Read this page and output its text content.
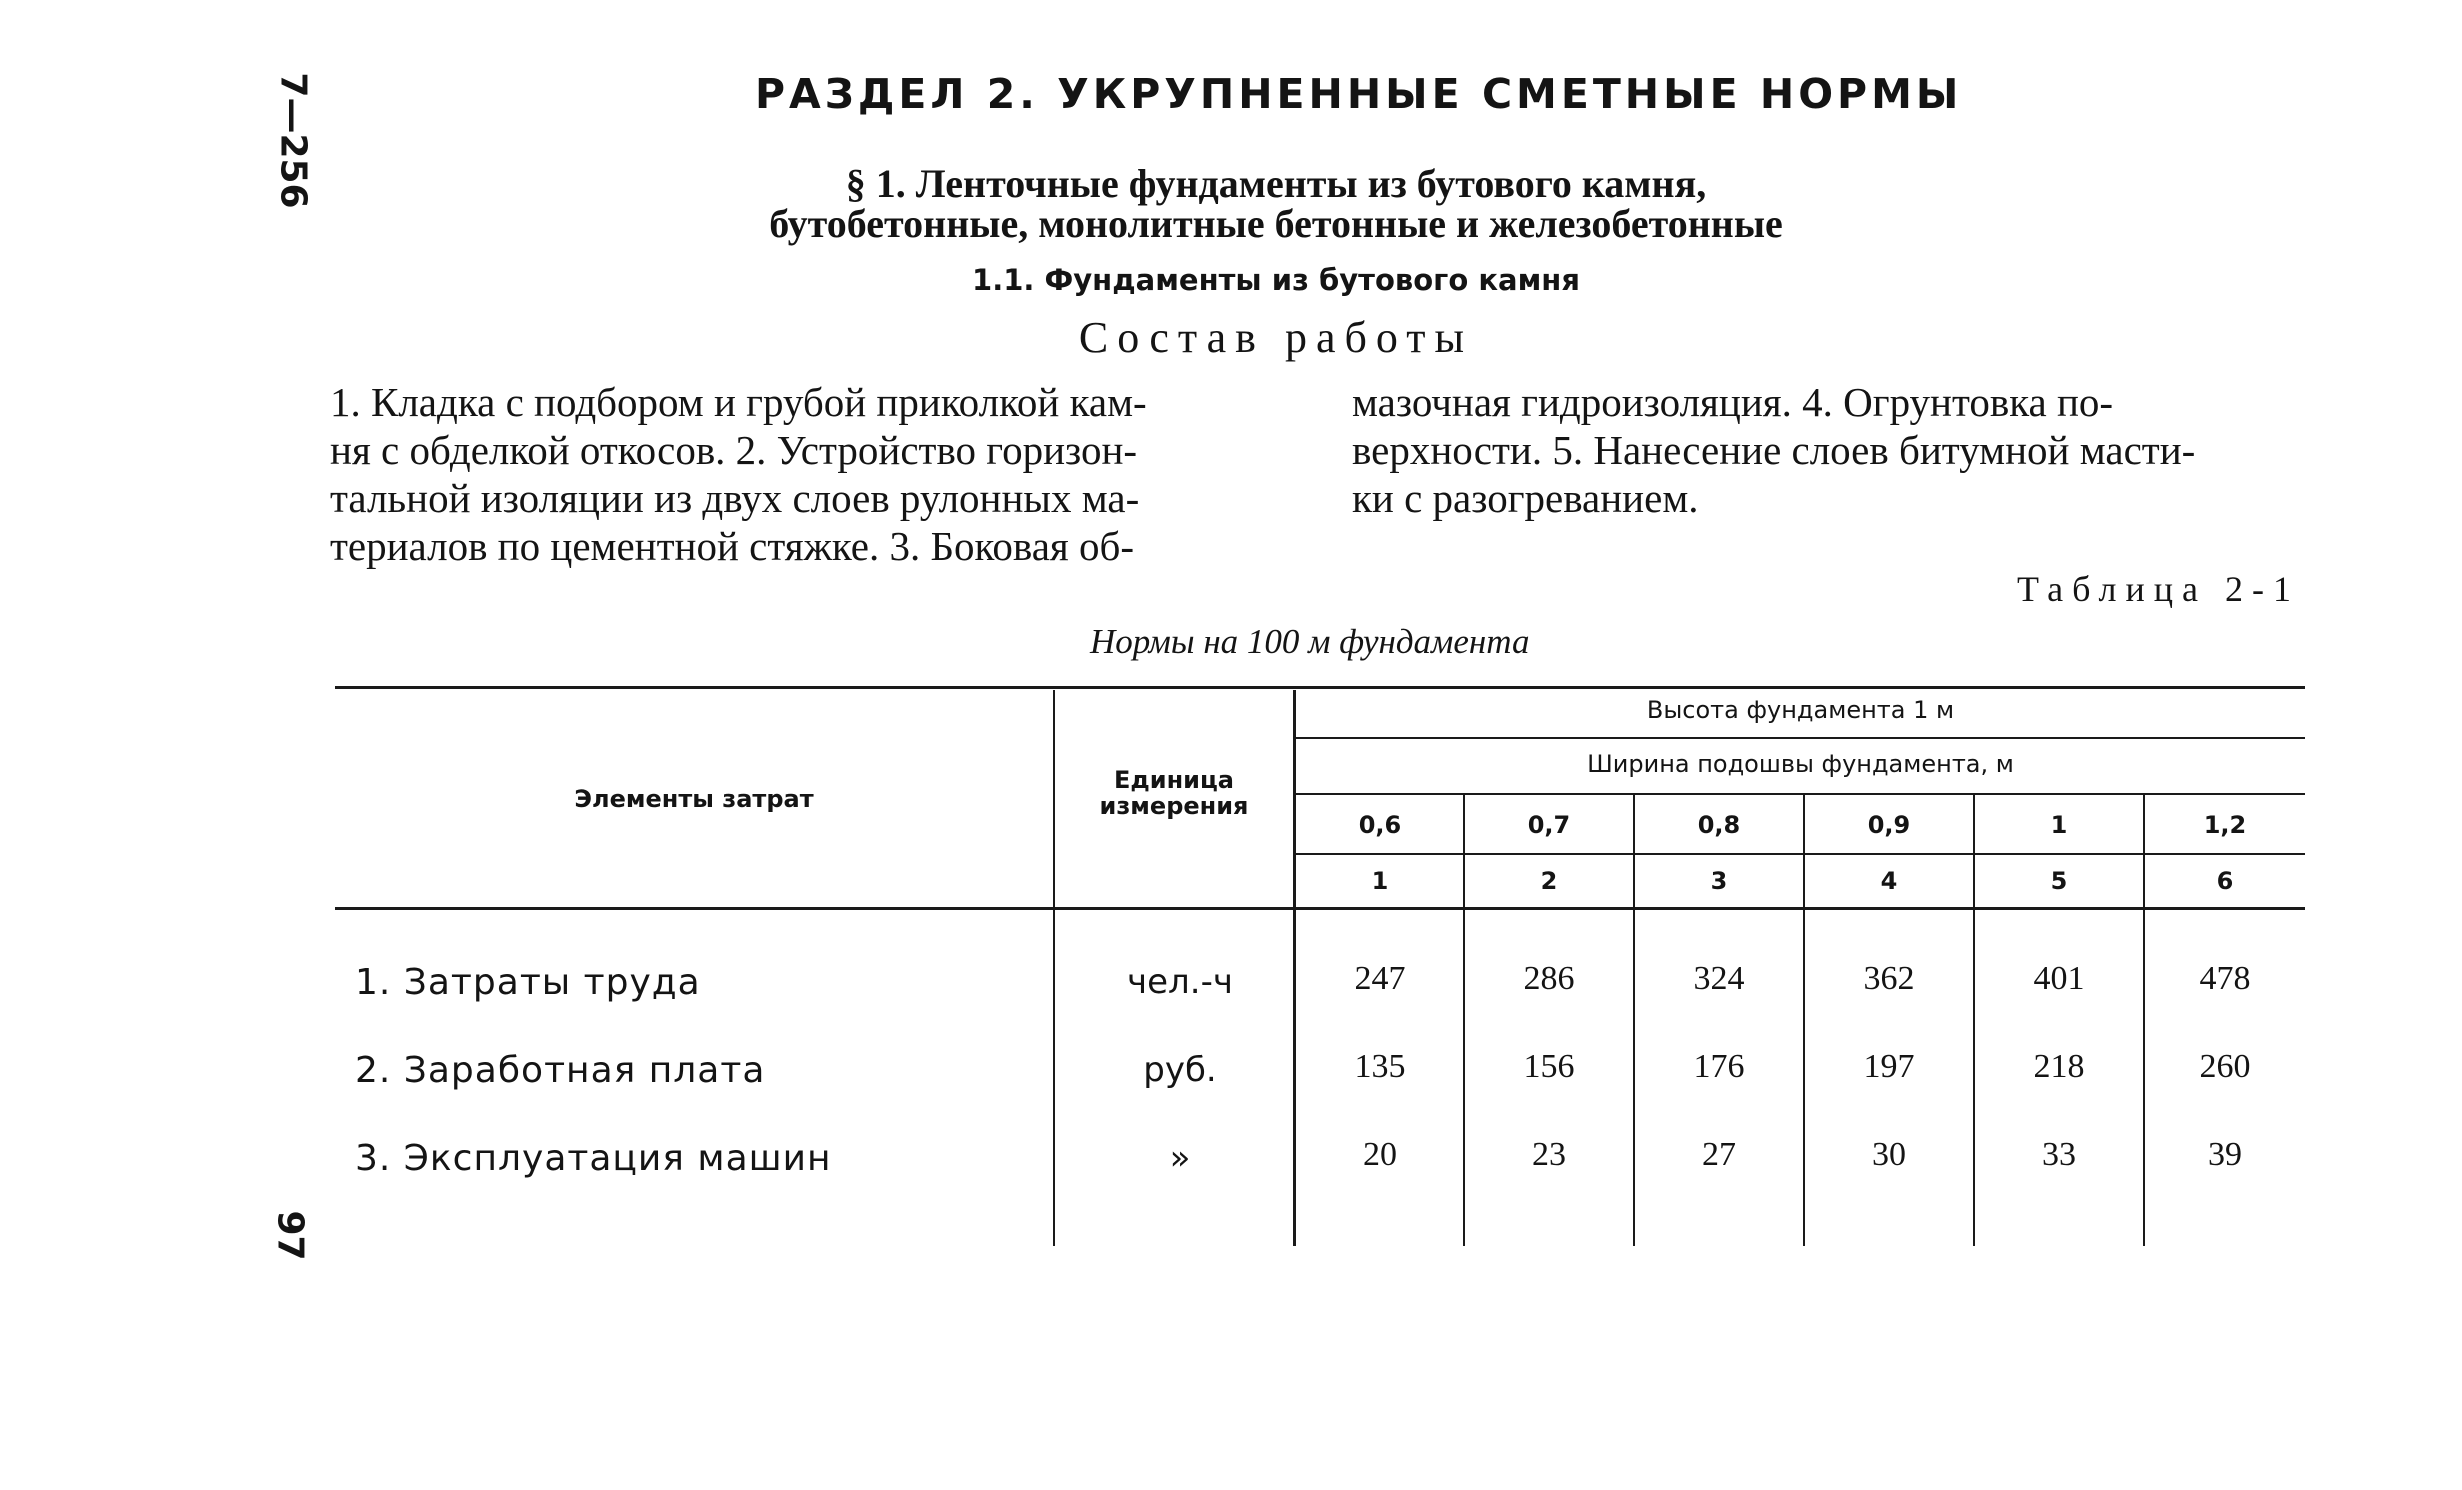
7—256
97
РАЗДЕЛ 2. УКРУПНЕННЫЕ СМЕТНЫЕ НОРМЫ
§ 1. Ленточные фундаменты из бутового камня,
бутобетонные, монолитные бетонные и железобетонные
1.1. Фундаменты из бутового камня
Состав работы
1. Кладка с подбором и грубой приколкой кам-
ня с обделкой откосов. 2. Устройство горизон-
тальной изоляции из двух слоев рулонных ма-
териалов по цементной стяжке. 3. Боковая об-
мазочная гидроизоляция. 4. Огрунтовка по-
верхности. 5. Нанесение слоев битумной масти-
ки с разогреванием.
Таблица 2-1
Нормы на 100 м фундамента
Элементы затрат
Единица
измерения
Высота фундамента 1 м
Ширина подошвы фундамента, м
0,6	0,7	0,8	0,9	1	1,2
1	2	3	4	5	6
1. Затраты труда	чел.-ч	247	286	324	362	401	478
2. Заработная плата	руб.	135	156	176	197	218	260
3. Эксплуатация машин	»	20	23	27	30	33	39
